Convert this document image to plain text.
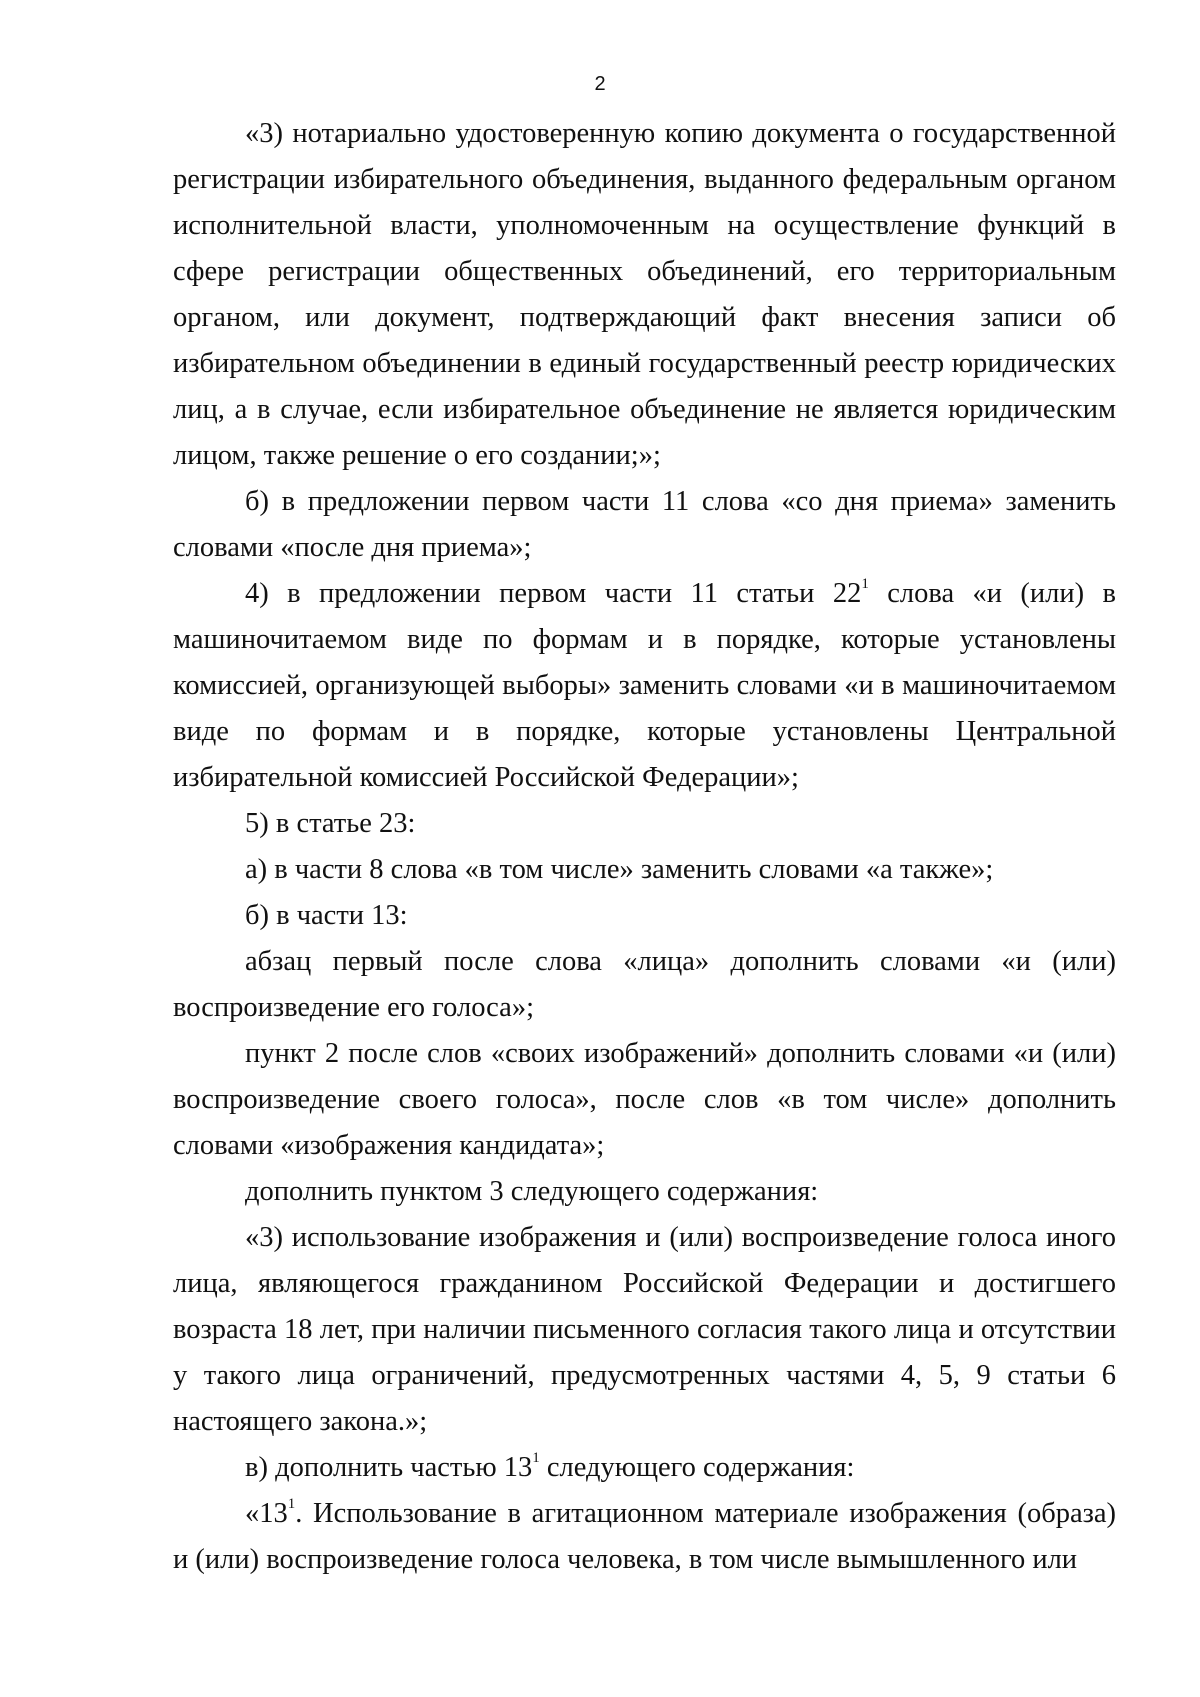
2

«3) нотариально удостоверенную копию документа о государственной регистрации избирательного объединения, выданного федеральным органом исполнительной власти, уполномоченным на осуществление функций в сфере регистрации общественных объединений, его территориальным органом, или документ, подтверждающий факт внесения записи об избирательном объединении в единый государственный реестр юридических лиц, а в случае, если избирательное объединение не является юридическим лицом, также решение о его создании;»;

б) в предложении первом части 11 слова «со дня приема» заменить словами «после дня приема»;

4) в предложении первом части 11 статьи $22^1$ слова «и (или) в машиночитаемом виде по формам и в порядке, которые установлены комиссией, организующей выборы» заменить словами «и в машиночитаемом виде по формам и в порядке, которые установлены Центральной избирательной комиссией Российской Федерации»;

5) в статье 23:

а) в части 8 слова «в том числе» заменить словами «а также»;

б) в части 13:

абзац первый после слова «лица» дополнить словами «и (или) воспроизведение его голоса»;

пункт 2 после слов «своих изображений» дополнить словами «и (или) воспроизведение своего голоса», после слов «в том числе» дополнить словами «изображения кандидата»;

дополнить пунктом 3 следующего содержания:

«3) использование изображения и (или) воспроизведение голоса иного лица, являющегося гражданином Российской Федерации и достигшего возраста 18 лет, при наличии письменного согласия такого лица и отсутствии у такого лица ограничений, предусмотренных частями 4, 5, 9 статьи 6 настоящего закона.»;

в) дополнить частью $13^1$ следующего содержания:

«$13^1$. Использование в агитационном материале изображения (образа) и (или) воспроизведение голоса человека, в том числе вымышленного или
